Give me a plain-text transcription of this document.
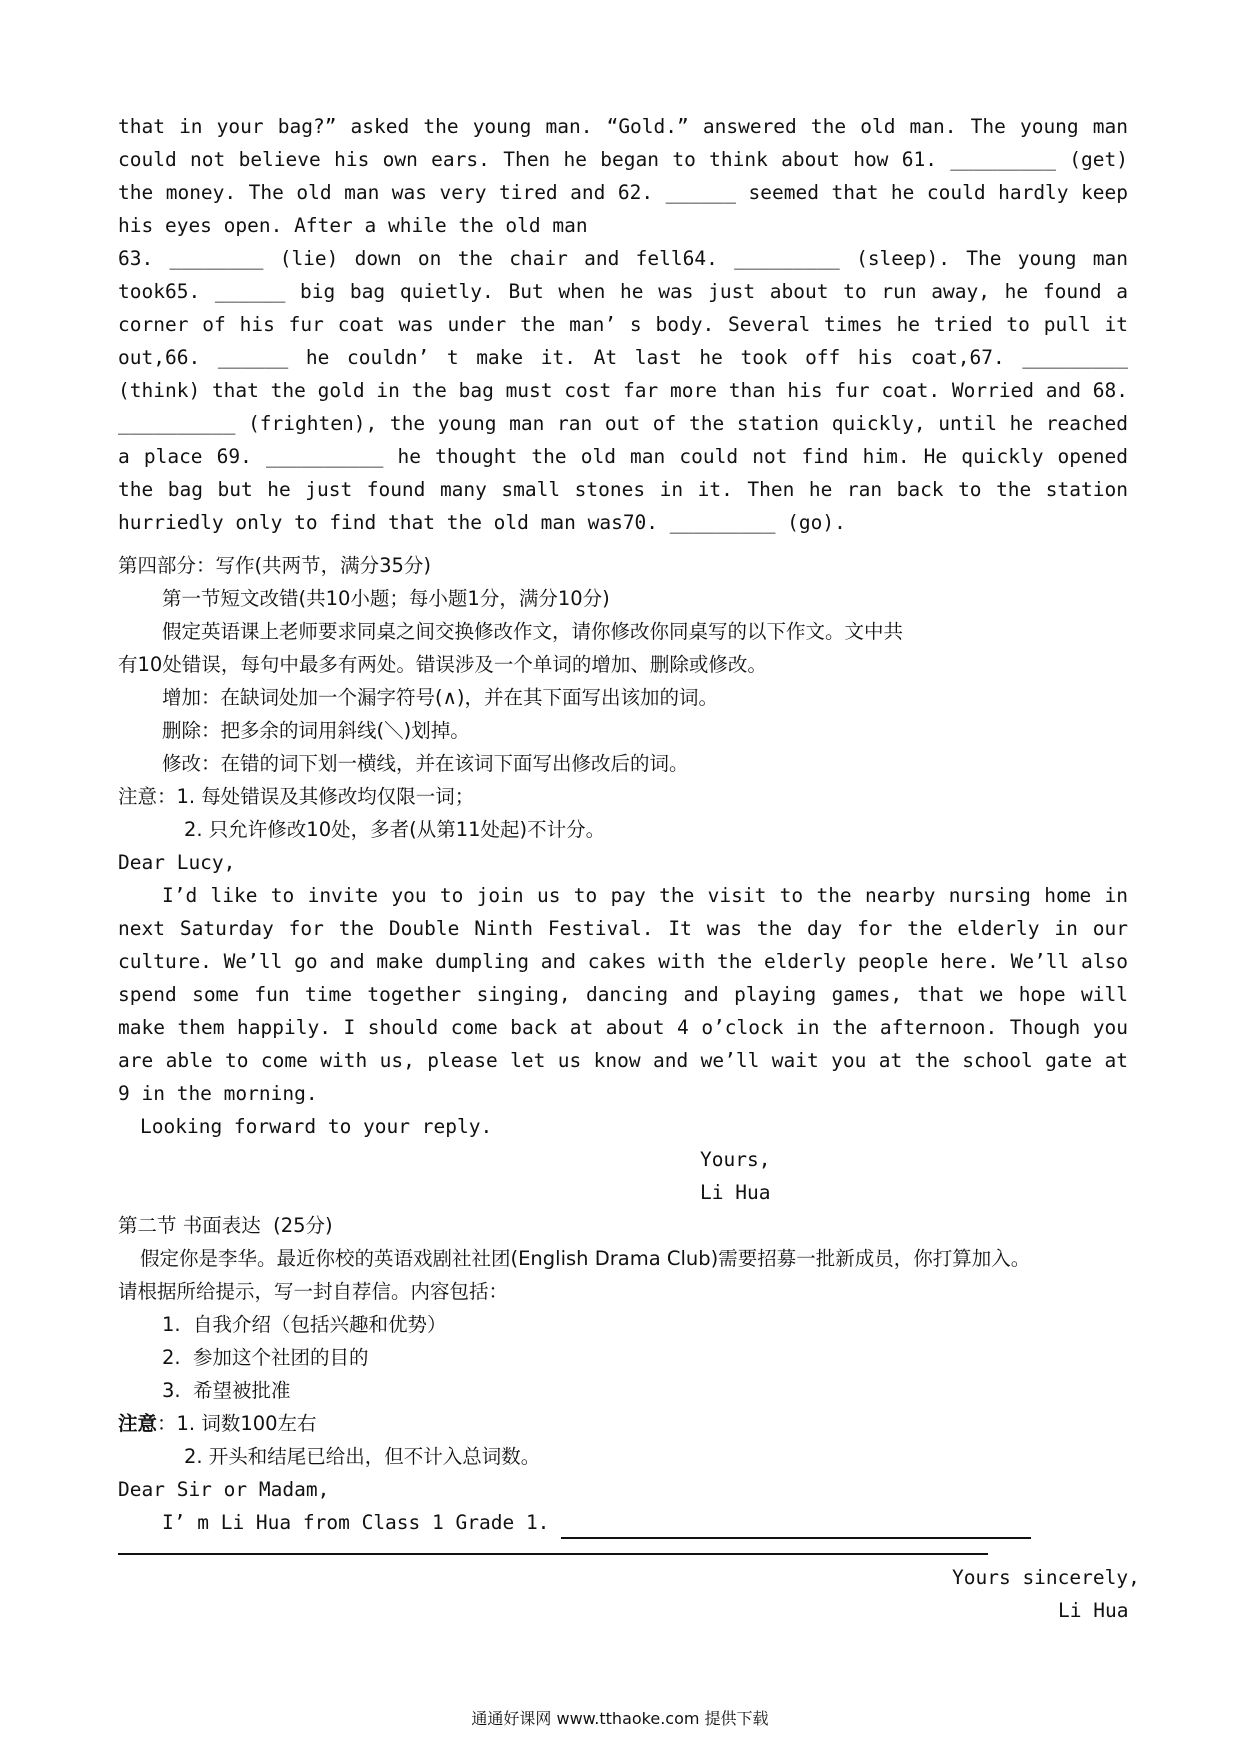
that in your bag?” asked the young man. “Gold.” answered the old man. The young man could not believe his own ears. Then he began to think about how 61. _________ (get) the money. The old man was very tired and 62. ______ seemed that he could hardly keep his eyes open. After a while the old man

63. ________ (lie) down on the chair and fell64. _________ (sleep). The young man took65. ______ big bag quietly. But when he was just about to run away, he found a corner of his fur coat was under the man’ s body. Several times he tried to pull it out,66. ______ he couldn’ t make it. At last he took off his coat,67. _________ (think) that the gold in the bag must cost far more than his fur coat. Worried and 68. __________ (frighten), the young man ran out of the station quickly, until he reached a place 69. __________ he thought the old man could not find him. He quickly opened the bag but he just found many small stones in it. Then he ran back to the station hurriedly only to find that the old man was70. _________ (go).

第四部分：写作(共两节，满分35分)

第一节短文改错(共10小题；每小题1分，满分10分)

假定英语课上老师要求同桌之间交换修改作文，请你修改你同桌写的以下作文。文中共

有10处错误，每句中最多有两处。错误涉及一个单词的增加、删除或修改。

增加：在缺词处加一个漏字符号(∧)，并在其下面写出该加的词。

删除：把多余的词用斜线(＼)划掉。

修改：在错的词下划一横线，并在该词下面写出修改后的词。

注意：1. 每处错误及其修改均仅限一词；

2. 只允许修改10处，多者(从第11处起)不计分。

Dear Lucy,

I’d like to invite you to join us to pay the visit to the nearby nursing home in next Saturday for the Double Ninth Festival. It was the day for the elderly in our culture. We’ll go and make dumpling and cakes with the elderly people here. We’ll also spend some fun time together singing, dancing and playing games, that we hope will make them happily. I should come back at about 4 o’clock in the afternoon. Though you are able to come with us, please let us know and we’ll wait you at the school gate at 9 in the morning.

Looking forward to your reply.

Yours,

Li Hua

第二节 书面表达  (25分)

假定你是李华。最近你校的英语戏剧社社团(English Drama Club)需要招募一批新成员，你打算加入。

请根据所给提示，写一封自荐信。内容包括：

1.  自我介绍（包括兴趣和优势）

2.  参加这个社团的目的

3.  希望被批准

注意：1. 词数100左右

2. 开头和结尾已给出，但不计入总词数。

Dear Sir or Madam,

I’ m Li Hua from Class 1 Grade 1.

Yours sincerely,

Li Hua

通通好课网 www.tthaoke.com 提供下载
